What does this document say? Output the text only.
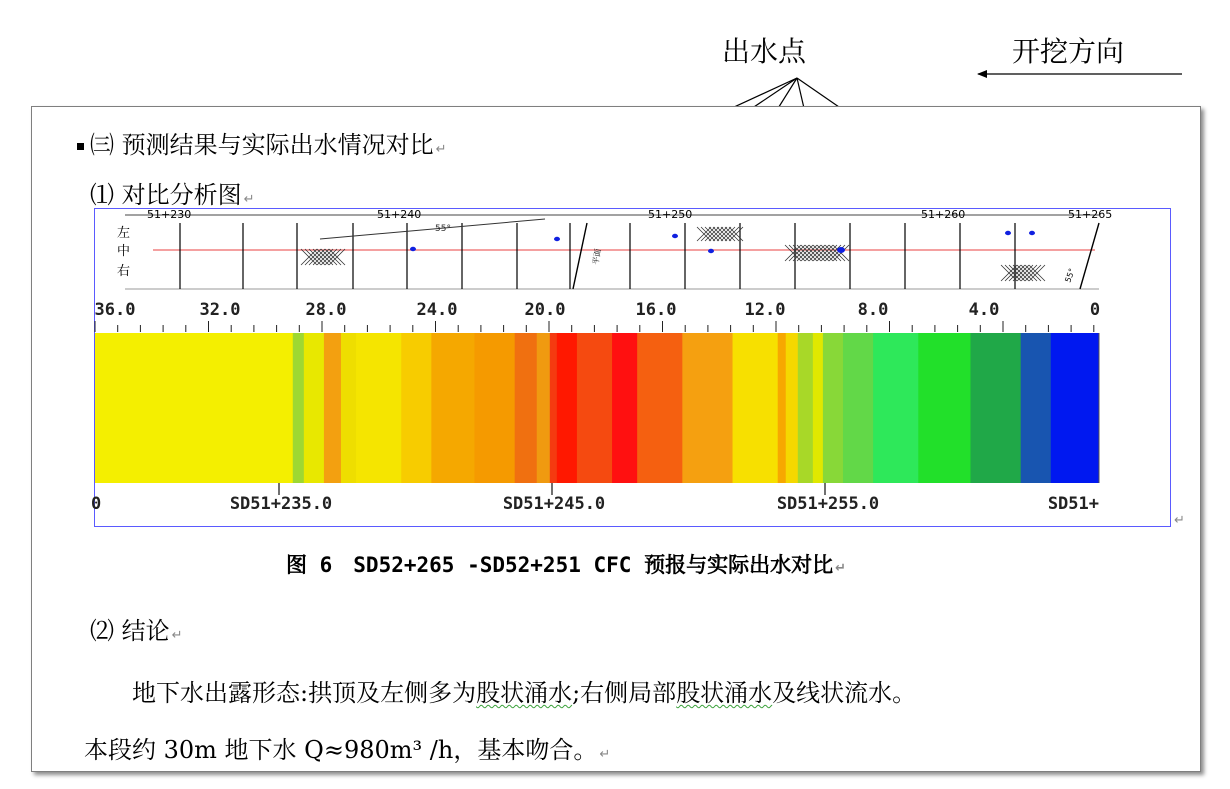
出水点	开挖方向
㈢ 预测结果与实际出水情况对比 ↵
⑴ 对比分析图 ↵
51+230	51+240	51+250	51+260	51+265
左
中
右
55°
平面
55°
36.0	32.0	28.0	24.0	20.0	16.0	12.0	8.0	4.0	0
0	SD51+235.0	SD51+245.0	SD51+255.0	SD51+
↵
图 6　SD52+265 -SD52+251 CFC 预报与实际出水对比 ↵
⑵ 结论 ↵
　　地下水出露形态:拱顶及左侧多为股状涌水;右侧局部股状涌水及线状流水。
本段约 30m 地下水 Q≈980m³ /h，基本吻合。 ↵
